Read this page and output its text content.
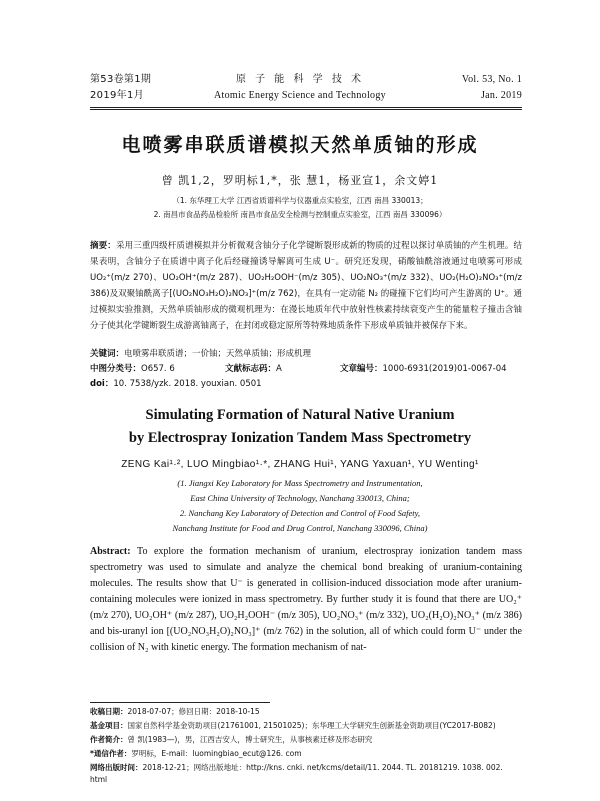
第53卷第1期
2019年1月
原 子 能 科 学 技 术
Atomic Energy Science and Technology
Vol. 53, No. 1
Jan. 2019
电喷雾串联质谱模拟天然单质铀的形成
曾 凯1,2，罗明标1,*，张 慧1，杨亚宣1，余文婷1
（1. 东华理工大学 江西省质谱科学与仪器重点实验室，江西 南昌 330013；
2. 南昌市食品药品检验所 南昌市食品安全检测与控制重点实验室，江西 南昌 330096）
摘要：采用三重四级杆质谱模拟并分析微观含铀分子化学键断裂形成新的物质的过程以探讨单质铀的产生机理。结果表明，含铀分子在质谱中离子化后经碰撞诱导解离可生成 U⁻。研究还发现，硝酸铀酰溶液通过电喷雾可形成 UO₂⁺(m/z 270)、UO₂OH⁺(m/z 287)、UO₂H₂OOH⁻(m/z 305)、UO₂NO₃⁺(m/z 332)、UO₂(H₂O)₂NO₃⁺(m/z 386)及双聚铀酰离子[(UO₂NO₃H₂O)₂NO₃]⁺(m/z 762)，在具有一定动能 N₂ 的碰撞下它们均可产生游离的 U⁺。通过模拟实验推测，天然单质铀形成的微观机理为：在漫长地质年代中放射性核素持续衰变产生的能量粒子撞击含铀分子使其化学键断裂生成游离铀离子，在封闭或稳定原所等特殊地质条件下形成单质铀并被保存下来。
关键词：电喷雾串联质谱；一价铀；天然单质铀；形成机理
中图分类号：O657. 6	文献标志码：A	文章编号：1000-6931(2019)01-0067-04
doi：10. 7538/yzk. 2018. youxian. 0501
Simulating Formation of Natural Native Uranium
by Electrospray Ionization Tandem Mass Spectrometry
ZENG Kai¹·², LUO Mingbiao¹·*, ZHANG Hui¹, YANG Yaxuan¹, YU Wenting¹
(1. Jiangxi Key Laboratory for Mass Spectrometry and Instrumentation,
East China University of Technology, Nanchang 330013, China;
2. Nanchang Key Laboratory of Detection and Control of Food Safety,
Nanchang Institute for Food and Drug Control, Nanchang 330096, China)
Abstract: To explore the formation mechanism of uranium, electrospray ionization tandem mass spectrometry was used to simulate and analyze the chemical bond breaking of uranium-containing molecules. The results show that U⁻ is generated in collision-induced dissociation mode after uranium-containing molecules were ionized in mass spectrometry. By further study it is found that there are UO₂⁺ (m/z 270), UO₂OH⁺ (m/z 287), UO₂H₂OOH⁻ (m/z 305), UO₂NO₃⁺ (m/z 332), UO₂(H₂O)₂NO₃⁺ (m/z 386) and bis-uranyl ion [(UO₂NO₃H₂O)₂NO₃]⁺ (m/z 762) in the solution, all of which could form U⁻ under the collision of N₂ with kinetic energy. The formation mechanism of nat-
收稿日期：2018-07-07；修回日期：2018-10-15
基金项目：国家自然科学基金资助项目(21761001, 21501025)；东华理工大学研究生创新基金资助项目(YC2017-B082)
作者简介：曾 凯(1983—)，男，江西吉安人，博士研究生，从事核素迁移及形态研究
*通信作者：罗明标，E-mail：luomingbiao_ecut@126. com
网络出版时间：2018-12-21；网络出版地址：http://kns. cnki. net/kcms/detail/11. 2044. TL. 20181219. 1038. 002. html
